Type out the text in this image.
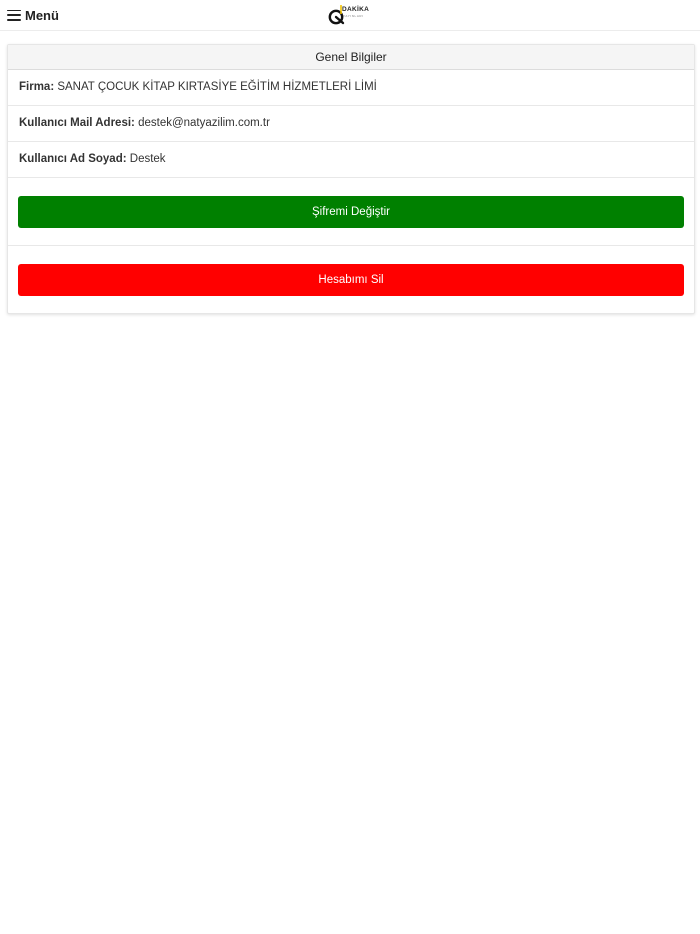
Menü	DAKİKA
YAYINLARI
Genel Bilgiler
Firma: SANAT ÇOCUK KİTAP KIRTASİYE EĞİTİM HİZMETLERİ LİMİ
Kullanıcı Mail Adresi: destek@natyazilim.com.tr
Kullanıcı Ad Soyad: Destek
Şifremi Değiştir
Hesabımı Sil
